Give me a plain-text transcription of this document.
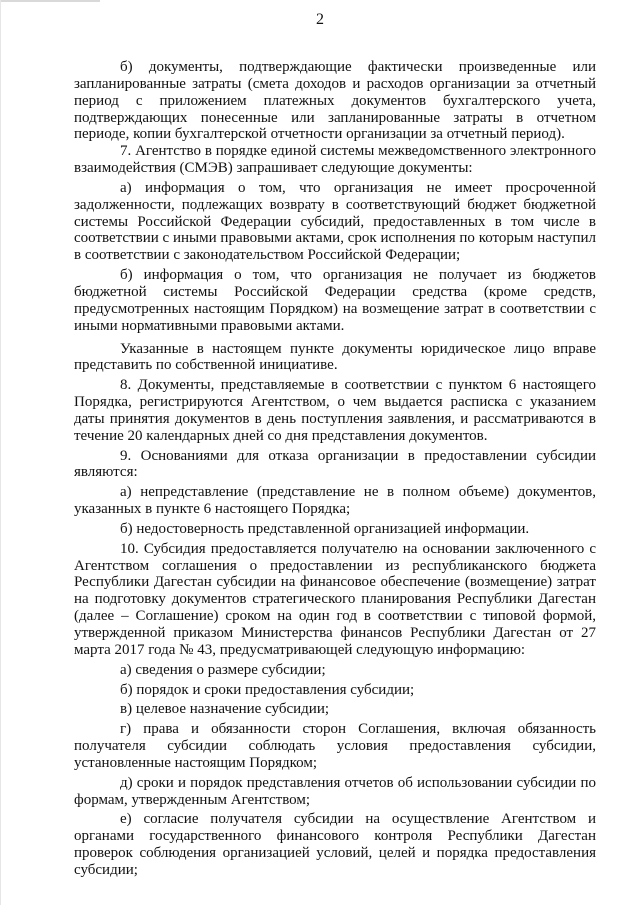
2

б) документы, подтверждающие фактически произведенные или запланированные затраты (смета доходов и расходов организации за отчетный период с приложением платежных документов бухгалтерского учета, подтверждающих понесенные или запланированные затраты в отчетном периоде, копии бухгалтерской отчетности организации за отчетный период).

7. Агентство в порядке единой системы межведомственного электронного взаимодействия (СМЭВ) запрашивает следующие документы:

а) информация о том, что организация не имеет просроченной задолженности, подлежащих возврату в соответствующий бюджет бюджетной системы Российской Федерации субсидий, предоставленных в том числе в соответствии с иными правовыми актами, срок исполнения по которым наступил в соответствии с законодательством Российской Федерации;

б) информация о том, что организация не получает из бюджетов бюджетной системы Российской Федерации средства (кроме средств, предусмотренных настоящим Порядком) на возмещение затрат в соответствии с иными нормативными правовыми актами.

Указанные в настоящем пункте документы юридическое лицо вправе представить по собственной инициативе.

8. Документы, представляемые в соответствии с пунктом 6 настоящего Порядка, регистрируются Агентством, о чем выдается расписка с указанием даты принятия документов в день поступления заявления, и рассматриваются в течение 20 календарных дней со дня представления документов.

9. Основаниями для отказа организации в предоставлении субсидии являются:

а) непредставление (представление не в полном объеме) документов, указанных в пункте 6 настоящего Порядка;

б) недостоверность представленной организацией информации.

10. Субсидия предоставляется получателю на основании заключенного с Агентством соглашения о предоставлении из республиканского бюджета Республики Дагестан субсидии на финансовое обеспечение (возмещение) затрат на подготовку документов стратегического планирования Республики Дагестан (далее – Соглашение) сроком на один год в соответствии с типовой формой, утвержденной приказом Министерства финансов Республики Дагестан от 27 марта 2017 года № 43, предусматривающей следующую информацию:

а) сведения о размере субсидии;

б) порядок и сроки предоставления субсидии;

в) целевое назначение субсидии;

г) права и обязанности сторон Соглашения, включая обязанность получателя субсидии соблюдать условия предоставления субсидии, установленные настоящим Порядком;

д) сроки и порядок представления отчетов об использовании субсидии по формам, утвержденным Агентством;

е) согласие получателя субсидии на осуществление Агентством и органами государственного финансового контроля Республики Дагестан проверок соблюдения организацией условий, целей и порядка предоставления субсидии;
